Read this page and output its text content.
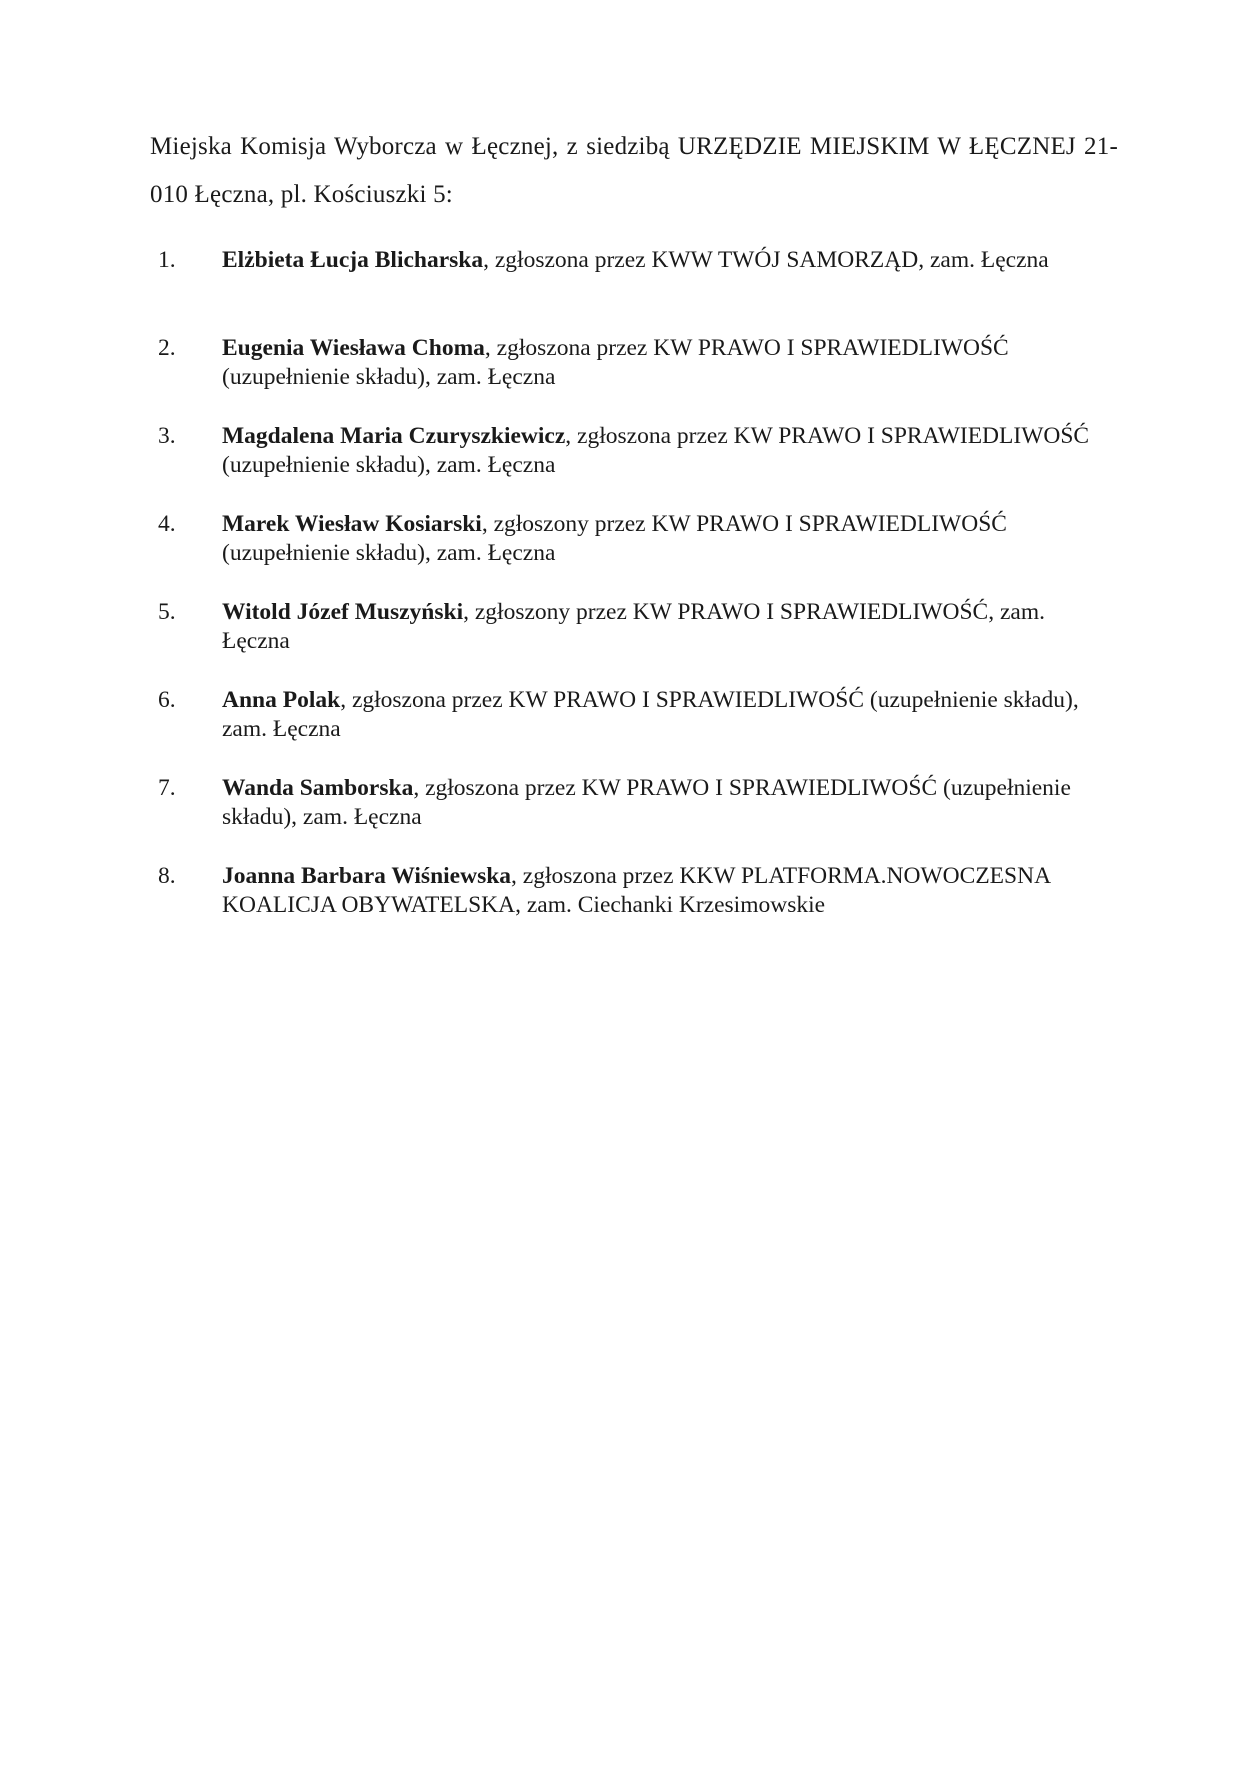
Miejska Komisja Wyborcza w Łęcznej, z siedzibą URZĘDZIE MIEJSKIM W ŁĘCZNEJ 21-010 Łęczna, pl. Kościuszki 5:

1.	Elżbieta Łucja Blicharska, zgłoszona przez KWW TWÓJ SAMORZĄD, zam. Łęczna
2.	Eugenia Wiesława Choma, zgłoszona przez KW PRAWO I SPRAWIEDLIWOŚĆ (uzupełnienie składu), zam. Łęczna
3.	Magdalena Maria Czuryszkiewicz, zgłoszona przez KW PRAWO I SPRAWIEDLIWOŚĆ (uzupełnienie składu), zam. Łęczna
4.	Marek Wiesław Kosiarski, zgłoszony przez KW PRAWO I SPRAWIEDLIWOŚĆ (uzupełnienie składu), zam. Łęczna
5.	Witold Józef Muszyński, zgłoszony przez KW PRAWO I SPRAWIEDLIWOŚĆ, zam. Łęczna
6.	Anna Polak, zgłoszona przez KW PRAWO I SPRAWIEDLIWOŚĆ (uzupełnienie składu), zam. Łęczna
7.	Wanda Samborska, zgłoszona przez KW PRAWO I SPRAWIEDLIWOŚĆ (uzupełnienie składu), zam. Łęczna
8.	Joanna Barbara Wiśniewska, zgłoszona przez KKW PLATFORMA.NOWOCZESNA KOALICJA OBYWATELSKA, zam. Ciechanki Krzesimowskie
